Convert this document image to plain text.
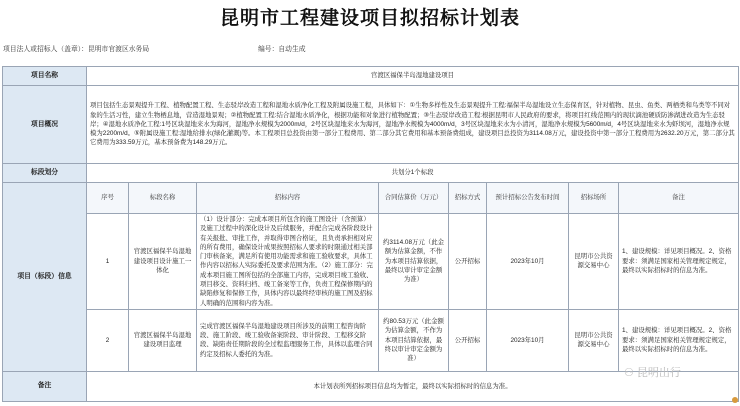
昆明市工程建设项目拟招标计划表
项目法人或招标人（盖章）：昆明市官渡区水务局	编号：自动生成
项目名称	官渡区福保半岛湿地建设项目							
项目概况	项目包括生态景观提升工程、植物配置工程、生态驳岸改造工程和湿地水质净化工程及附属设施工程，具体如下：①生物多样性及生态景观提升工程:福保半岛湿地设立生态保育区，针对植物、昆虫、鱼类、两栖类和鸟类等不同对象的生活习性，建立生物栖息地，营造湿地景观；②植物配置工程:结合湿地水质净化，根据功能和对象进行植物配置；③生态驳岸改造工程:根据昆明市人民政府的要求，将项目红线范围内的现状滴池硬质防渗湖进改造为生态驳岸；④湿地水质净化工程:1号区块湿地来水为海河，湿地净水规模为2000m/d，2号区块湿地来水为海河，湿地净水规模为4000m/d，3号区块湿地来水为小清河，湿地净水规模为5600m/d，4号区块湿地来水为虾坝河，湿地净水规模为2200m/d。⑤附属设施工程:湿地给排水(绿化灌溉)等。本工程项目总投资由第一部分工程费用、第二部分其它费用和基本预备费组成，建设项目总投资为3114.08万元，建设投资中第一部分工程费用为2632.20万元，第二部分其它费用为333.59万元，基本预备费为148.29万元。							
标段划分	共划分1个标段							
项目（标段）信息	序号	标段名称	招标内容	合同估算价（万元）	招标方式	预计招标公告发布时间	招标场所	备注
	1	官渡区福保半岛湿地建设项目设计施工一体化	（1）设计部分：完成本项目所包含的施工图设计（含预算）及施工过程中的深化设计及后续服务，并配合完成各阶段设计有关报批、审批工作，并取得审图合格证，且负责承担相对应的所有费用，确保设计成果按照招标人要求的时限通过相关部门审核备案，满足所有使用功能需求和施工验收要求，具体工作内容以招标人实际委托及要求范围为准。（2）施工部分：完成本项目施工图所包括的全部施工内容，完成项目竣工验收、项目移交、资料归档、竣工备案等工作，负责工程保修期内的缺陷修复和保修工作，具体内容以最终经审核的施工图及招标人明确的范围和内容为准。	约3114.08万元（此金额为估算金额，不作为本项目结算依据，最终以审计审定金额为准）	公开招标	2023年10月	昆明市公共资源交易中心	1、建设规模：详见项目概况。2、资格要求：须满足国家相关管理规定规定，最终以实际招标时的信息为准。
	2	官渡区福保半岛湿地建设项目监理	完成官渡区福保半岛湿地建设项目所涉及的前期工程咨询阶段、施工阶段、竣工验收备案阶段、审计阶段、工程移交阶段、缺陷责任期阶段的全过程监理服务工作，具体以监理合同约定及招标人委托的为准。	约80.53万元（此金额为估算金额，不作为本项目结算依据，最终以审计审定金额为准）	公开招标	2023年10月	昆明市公共资源交易中心	1、建设规模：详见项目概况。2、资格要求：须满足国家相关管理规定规定，最终以实际招标时的信息为准。
备注	本计划表所列招标项目信息均为暂定，最终以实际招标时的信息为准。							
⚇ 昆明出行
